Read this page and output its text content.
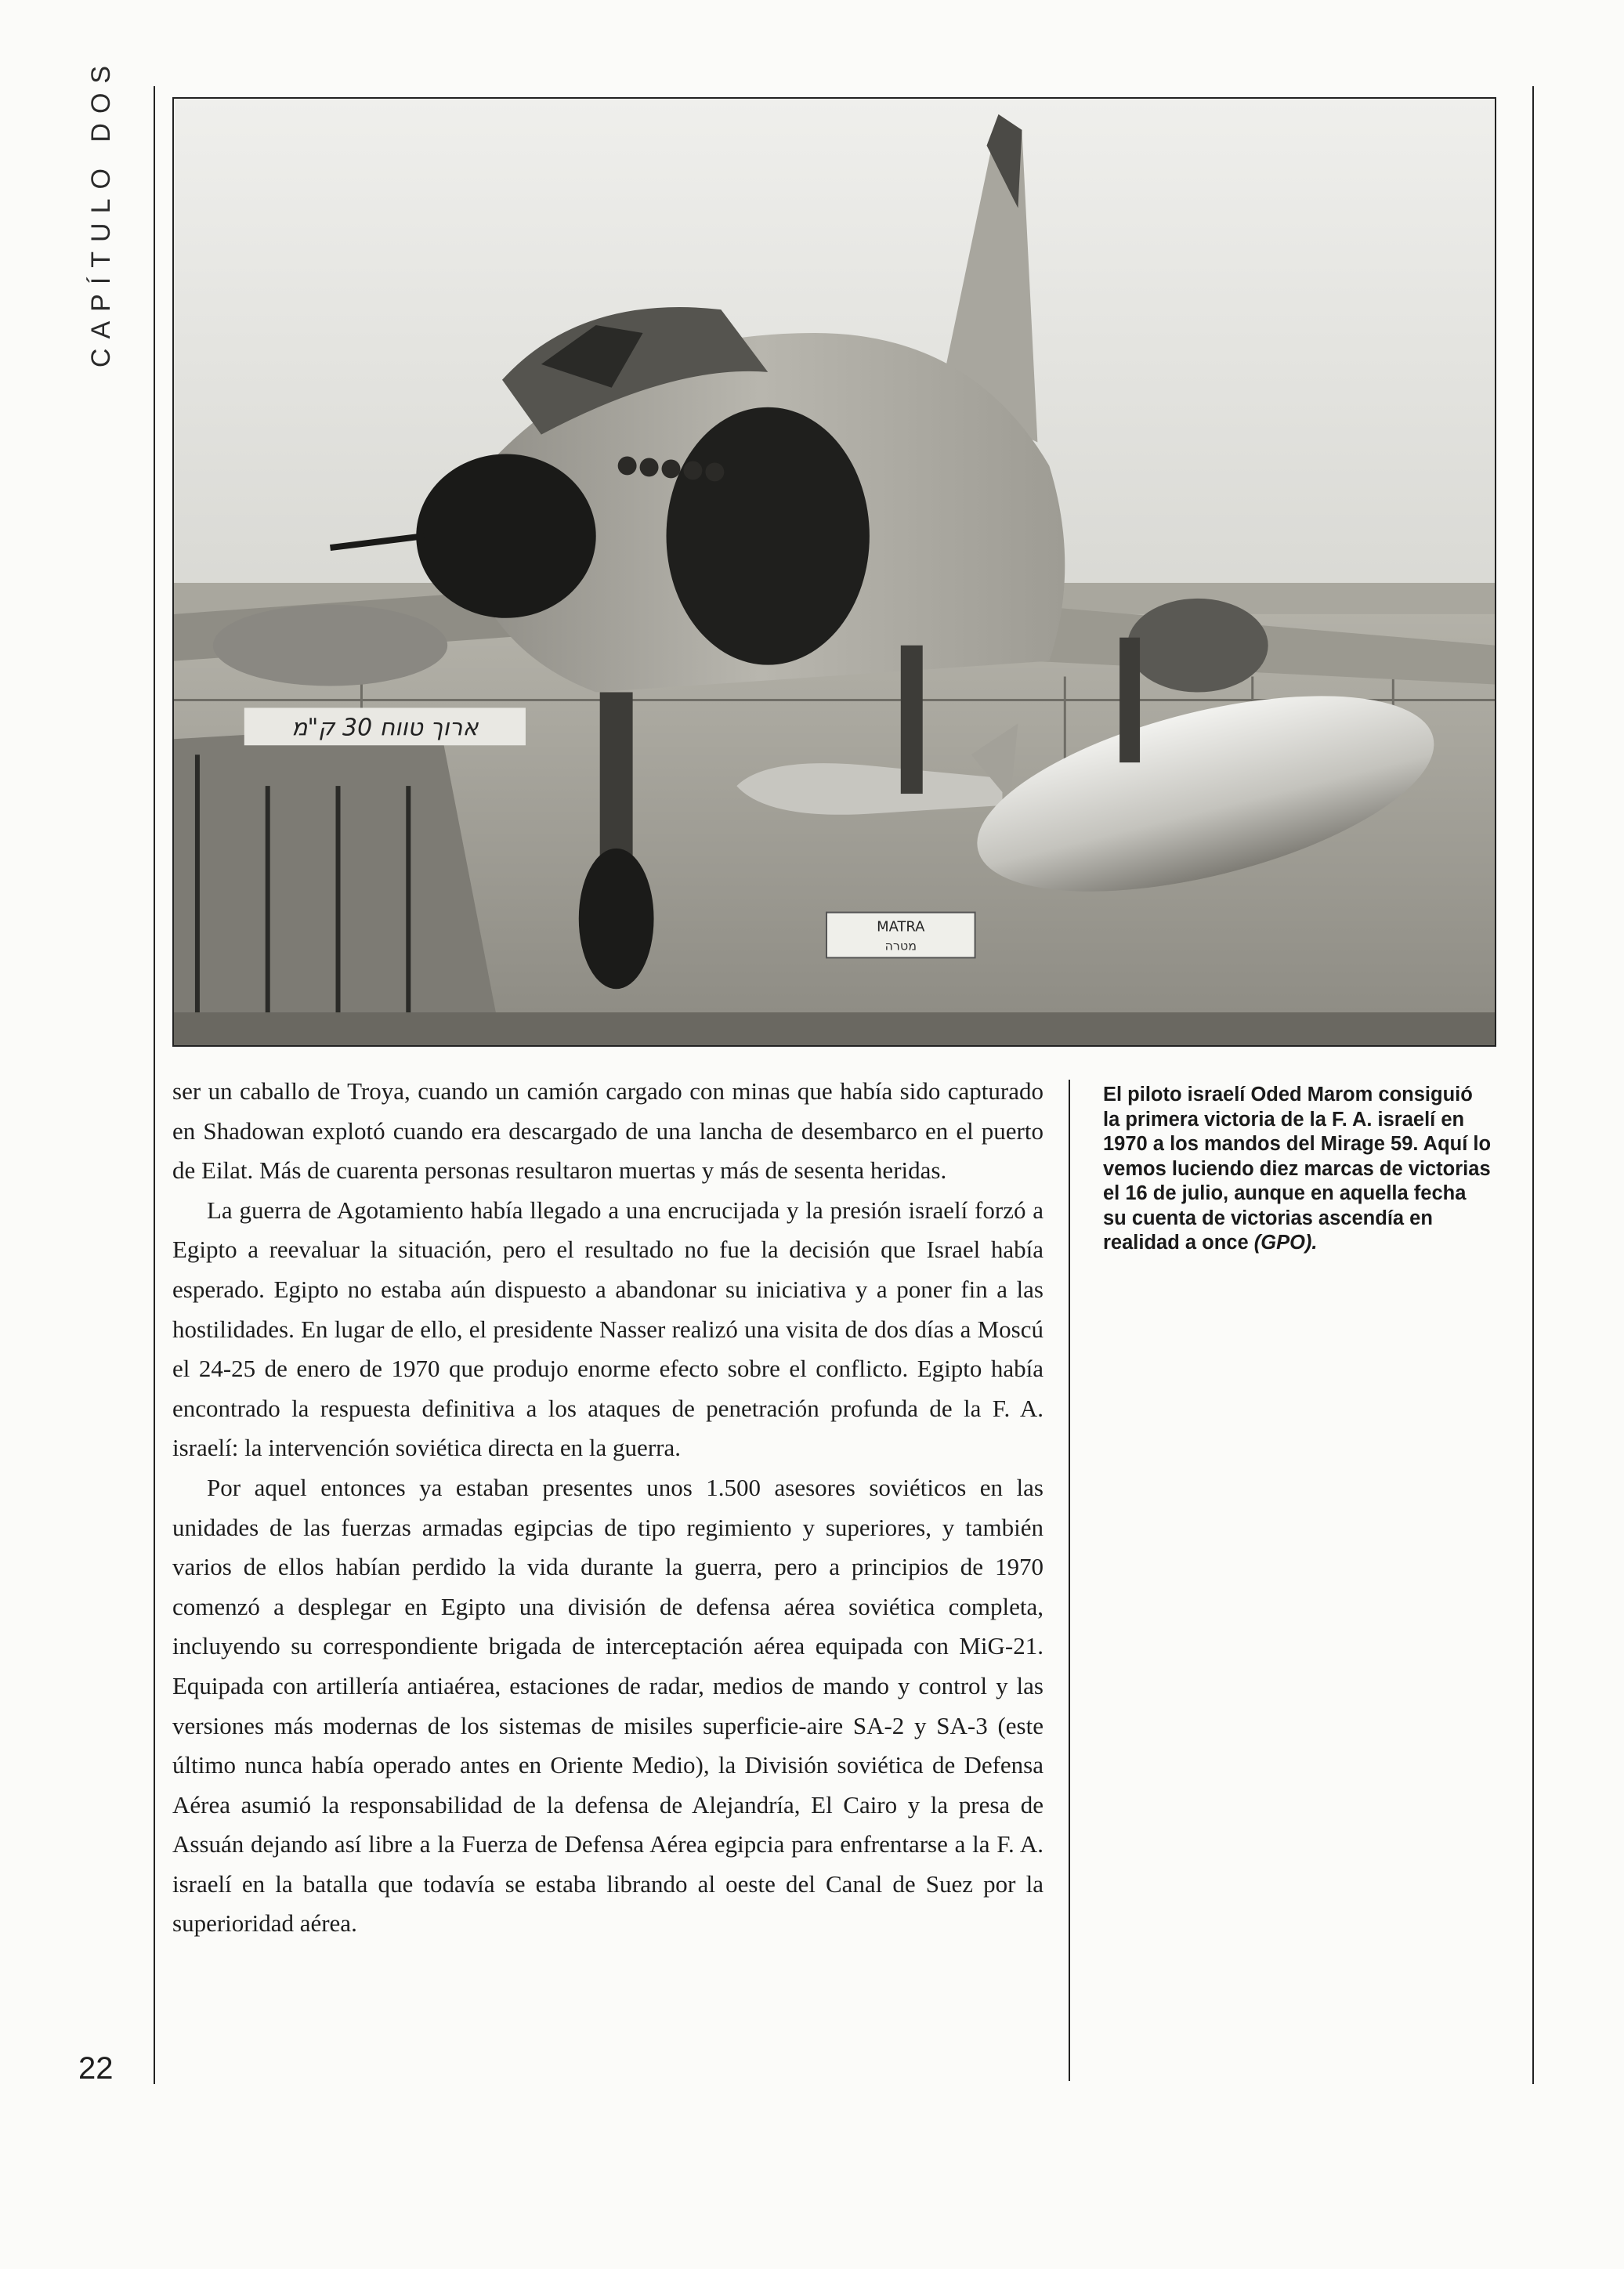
CAPÍTULO DOS
ארוך טווח 30 ק"מ
MATRA
מטרה

ser un caballo de Troya, cuando un camión cargado con minas que había sido capturado en Shadowan explotó cuando era descargado de una lancha de desembarco en el puerto de Eilat. Más de cuarenta personas resultaron muertas y más de sesenta heridas.

La guerra de Agotamiento había llegado a una encrucijada y la presión israelí forzó a Egipto a reevaluar la situación, pero el resultado no fue la decisión que Israel había esperado. Egipto no estaba aún dispuesto a abandonar su iniciativa y a poner fin a las hostilidades. En lugar de ello, el presidente Nasser realizó una visita de dos días a Moscú el 24-25 de enero de 1970 que produjo enorme efecto sobre el conflicto. Egipto había encontrado la respuesta definitiva a los ataques de penetración profunda de la F. A. israelí: la intervención soviética directa en la guerra.

Por aquel entonces ya estaban presentes unos 1.500 asesores soviéticos en las unidades de las fuerzas armadas egipcias de tipo regimiento y superiores, y también varios de ellos habían perdido la vida durante la guerra, pero a principios de 1970 comenzó a desplegar en Egipto una división de defensa aérea soviética completa, incluyendo su correspondiente brigada de interceptación aérea equipada con MiG-21. Equipada con artillería antiaérea, estaciones de radar, medios de mando y control y las versiones más modernas de los sistemas de misiles superficie-aire SA-2 y SA-3 (este último nunca había operado antes en Oriente Medio), la División soviética de Defensa Aérea asumió la responsabilidad de la defensa de Alejandría, El Cairo y la presa de Assuán dejando así libre a la Fuerza de Defensa Aérea egipcia para enfrentarse a la F. A. israelí en la batalla que todavía se estaba librando al oeste del Canal de Suez por la superioridad aérea.

El piloto israelí Oded Marom consiguió la primera victoria de la F. A. israelí en 1970 a los mandos del Mirage 59. Aquí lo vemos luciendo diez marcas de victorias el 16 de julio, aunque en aquella fecha su cuenta de victorias ascendía en realidad a once (GPO).
22
